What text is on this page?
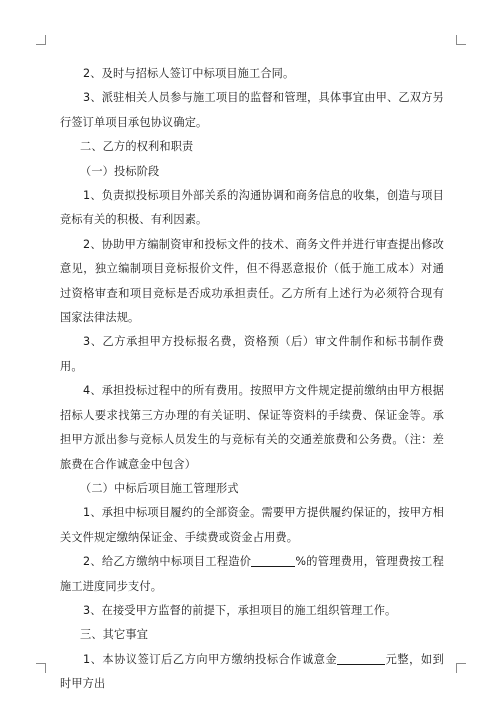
2、及时与招标人签订中标项目施工合同。

3、派驻相关人员参与施工项目的监督和管理，具体事宜由甲、乙双方另行签订单项目承包协议确定。

二、乙方的权利和职责

（一）投标阶段

1、负责拟投标项目外部关系的沟通协调和商务信息的收集，创造与项目竞标有关的积极、有利因素。

2、协助甲方编制资审和投标文件的技术、商务文件并进行审查提出修改意见，独立编制项目竞标报价文件，但不得恶意报价（低于施工成本）对通过资格审查和项目竞标是否成功承担责任。乙方所有上述行为必须符合现有国家法律法规。

3、乙方承担甲方投标报名费，资格预（后）审文件制作和标书制作费用。

4、承担投标过程中的所有费用。按照甲方文件规定提前缴纳由甲方根据招标人要求找第三方办理的有关证明、保证等资料的手续费、保证金等。承担甲方派出参与竞标人员发生的与竞标有关的交通差旅费和公务费。（注：差旅费在合作诚意金中包含）

（二）中标后项目施工管理形式

1、承担中标项目履约的全部资金。需要甲方提供履约保证的，按甲方相关文件规定缴纳保证金、手续费或资金占用费。

2、给乙方缴纳中标项目工程造价	%的管理费用，管理费按工程施工进度同步支付。

3、在接受甲方监督的前提下，承担项目的施工组织管理工作。

三、其它事宜

1、本协议签订后乙方向甲方缴纳投标合作诚意金	元整，如到时甲方出
